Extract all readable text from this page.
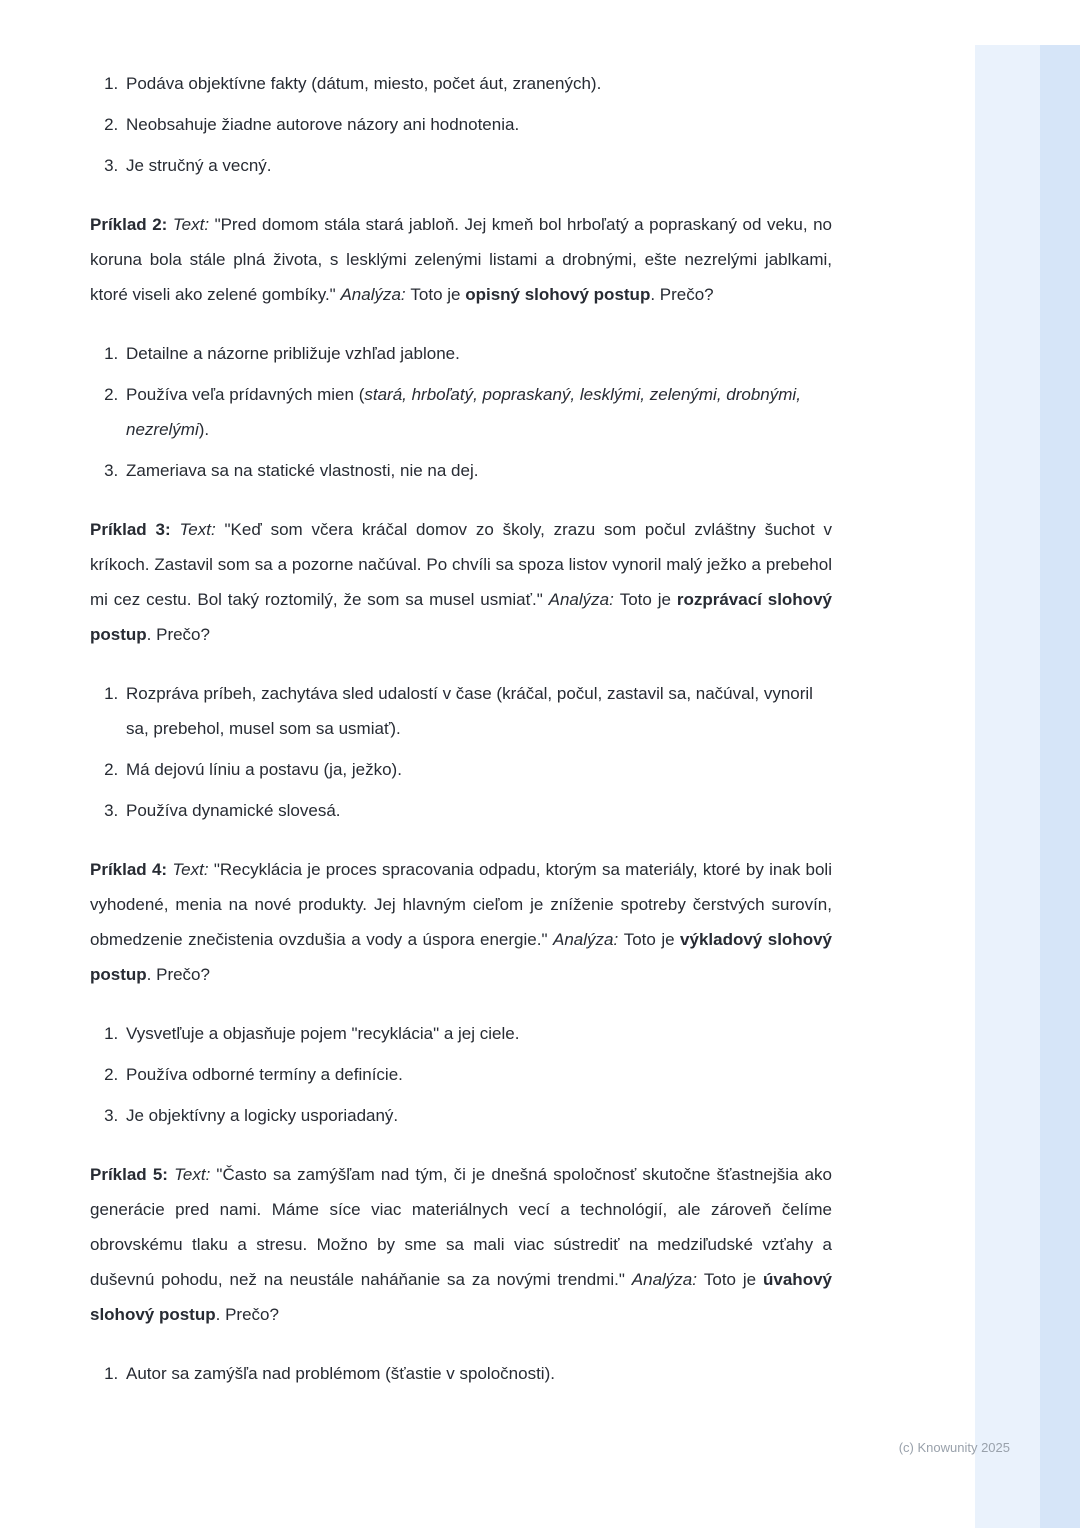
1. Podáva objektívne fakty (dátum, miesto, počet áut, zranených).
2. Neobsahuje žiadne autorove názory ani hodnotenia.
3. Je stručný a vecný.

Príklad 2: Text: "Pred domom stála stará jabloň. Jej kmeň bol hrboľatý a popraskaný od veku, no koruna bola stále plná života, s lesklými zelenými listami a drobnými, ešte nezrelými jablkami, ktoré viseli ako zelené gombíky." Analýza: Toto je opisný slohový postup. Prečo?

1. Detailne a názorne približuje vzhľad jablone.
2. Používa veľa prídavných mien (stará, hrboľatý, popraskaný, lesklými, zelenými, drobnými, nezrelými).
3. Zameriava sa na statické vlastnosti, nie na dej.

Príklad 3: Text: "Keď som včera kráčal domov zo školy, zrazu som počul zvláštny šuchot v kríkoch. Zastavil som sa a pozorne načúval. Po chvíli sa spoza listov vynoril malý ježko a prebehol mi cez cestu. Bol taký roztomilý, že som sa musel usmiať." Analýza: Toto je rozprávací slohový postup. Prečo?

1. Rozpráva príbeh, zachytáva sled udalostí v čase (kráčal, počul, zastavil sa, načúval, vynoril sa, prebehol, musel som sa usmiať).
2. Má dejovú líniu a postavu (ja, ježko).
3. Používa dynamické slovesá.

Príklad 4: Text: "Recyklácia je proces spracovania odpadu, ktorým sa materiály, ktoré by inak boli vyhodené, menia na nové produkty. Jej hlavným cieľom je zníženie spotreby čerstvých surovín, obmedzenie znečistenia ovzdušia a vody a úspora energie." Analýza: Toto je výkladový slohový postup. Prečo?

1. Vysvetľuje a objasňuje pojem "recyklácia" a jej ciele.
2. Používa odborné termíny a definície.
3. Je objektívny a logicky usporiadaný.

Príklad 5: Text: "Často sa zamýšľam nad tým, či je dnešná spoločnosť skutočne šťastnejšia ako generácie pred nami. Máme síce viac materiálnych vecí a technológií, ale zároveň čelíme obrovskému tlaku a stresu. Možno by sme sa mali viac sústrediť na medziľudské vzťahy a duševnú pohodu, než na neustále naháňanie sa za novými trendmi." Analýza: Toto je úvahový slohový postup. Prečo?

1. Autor sa zamýšľa nad problémom (šťastie v spoločnosti).
(c) Knowunity 2025
